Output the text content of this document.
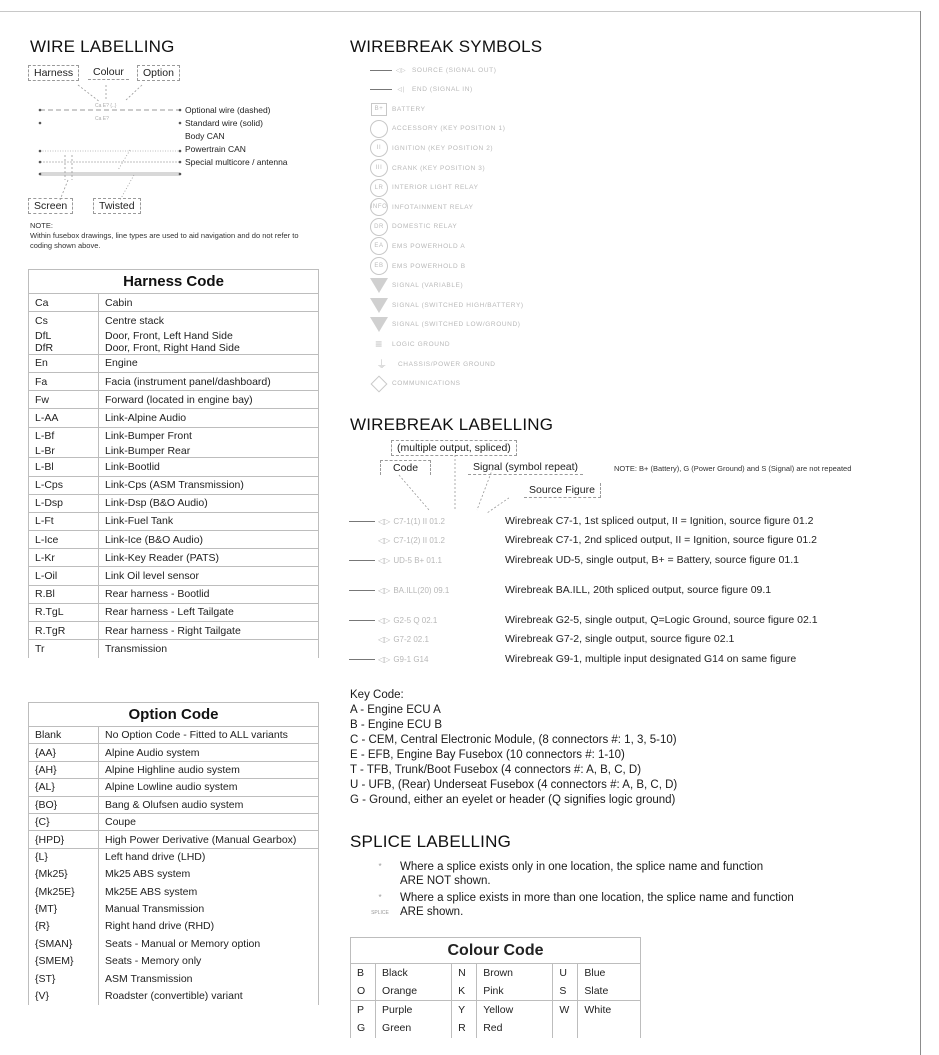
WIRE LABELLING
Harness	Colour	Option
Ca E? {..}
Ca E?
Optional wire (dashed)
Standard wire (solid)
Body CAN
Powertrain CAN
Special multicore / antenna
Screen	Twisted
NOTE:
Within fusebox drawings, line types are used to aid navigation and do not refer to coding shown above.
Harness Code	
Ca	Cabin
Cs	Centre stack
DfL	Door, Front, Left Hand Side
DfR	Door, Front, Right Hand Side
En	Engine
Fa	Facia (instrument panel/dashboard)
Fw	Forward (located in engine bay)
L-AA	Link-Alpine Audio
L-Bf	Link-Bumper Front
L-Br	Link-Bumper Rear
L-Bl	Link-Bootlid
L-Cps	Link-Cps (ASM Transmission)
L-Dsp	Link-Dsp (B&O Audio)
L-Ft	Link-Fuel Tank
L-Ice	Link-Ice (B&O Audio)
L-Kr	Link-Key Reader (PATS)
L-Oil	Link Oil level sensor
R.Bl	Rear harness - Bootlid
R.TgL	Rear harness - Left Tailgate
R.TgR	Rear harness - Right Tailgate
Tr	Transmission
Option Code	
Blank	No Option Code - Fitted to ALL variants
{AA}	Alpine Audio system
{AH}	Alpine Highline audio system
{AL}	Alpine Lowline audio system
{BO}	Bang & Olufsen audio system
{C}	Coupe
{HPD}	High Power Derivative (Manual Gearbox)
{L}	Left hand drive (LHD)
{Mk25}	Mk25 ABS system
{Mk25E}	Mk25E ABS system
{MT}	Manual Transmission
{R}	Right hand drive (RHD)
{SMAN}	Seats - Manual or Memory option
{SMEM}	Seats - Memory only
{ST}	ASM Transmission
{V}	Roadster (convertible) variant
WIREBREAK SYMBOLS
◁▷ SOURCE (SIGNAL OUT)
◁|	END (SIGNAL IN)
B+	BATTERY
ACCESSORY (KEY POSITION 1)
II	IGNITION (KEY POSITION 2)
III	CRANK (KEY POSITION 3)
LR	INTERIOR LIGHT RELAY
INFO INFOTAINMENT RELAY
DR	DOMESTIC RELAY
EA	EMS POWERHOLD A
EB	EMS POWERHOLD B
SIGNAL (VARIABLE)
SIGNAL (SWITCHED HIGH/BATTERY)
SIGNAL (SWITCHED LOW/GROUND)
≡	LOGIC GROUND
⏚	CHASSIS/POWER GROUND
COMMUNICATIONS
WIREBREAK LABELLING
(multiple output, spliced)
Code	Signal (symbol repeat)	NOTE: B+ (Battery), G (Power Ground) and S (Signal) are not repeated
Source Figure
◁▷ C7-1(1) II 01.2	Wirebreak C7-1, 1st spliced output, II = Ignition, source figure 01.2
◁▷ C7-1(2) II 01.2	Wirebreak C7-1, 2nd spliced output, II = Ignition, source figure 01.2
◁▷ UD-5 B+ 01.1	Wirebreak UD-5, single output, B+ = Battery, source figure 01.1
◁▷ BA.ILL(20) 09.1	Wirebreak BA.ILL, 20th spliced output, source figure 09.1
◁▷ G2-5 Q 02.1	Wirebreak G2-5, single output, Q=Logic Ground, source figure 02.1
◁▷ G7-2 02.1	Wirebreak G7-2, single output, source figure 02.1
◁▷ G9-1 G14	Wirebreak G9-1, multiple input designated G14 on same figure
Key Code:
A - Engine ECU A
B - Engine ECU B
C - CEM, Central Electronic Module, (8 connectors #: 1, 3, 5-10)
E - EFB, Engine Bay Fusebox (10 connectors #: 1-10)
T - TFB, Trunk/Boot Fusebox (4 connectors #: A, B, C, D)
U - UFB, (Rear) Underseat Fusebox (4 connectors #: A, B, C, D)
G - Ground, either an eyelet or header (Q signifies logic ground)
SPLICE LABELLING
*	Where a splice exists only in one location, the splice name and function ARE NOT shown.
*
SPLICE
Where a splice exists in more than one location, the splice name and function ARE shown.
Colour Code					
B	Black	N	Brown	U	Blue
O	Orange	K	Pink	S	Slate
P	Purple	Y	Yellow	W	White
G	Green	R	Red		
